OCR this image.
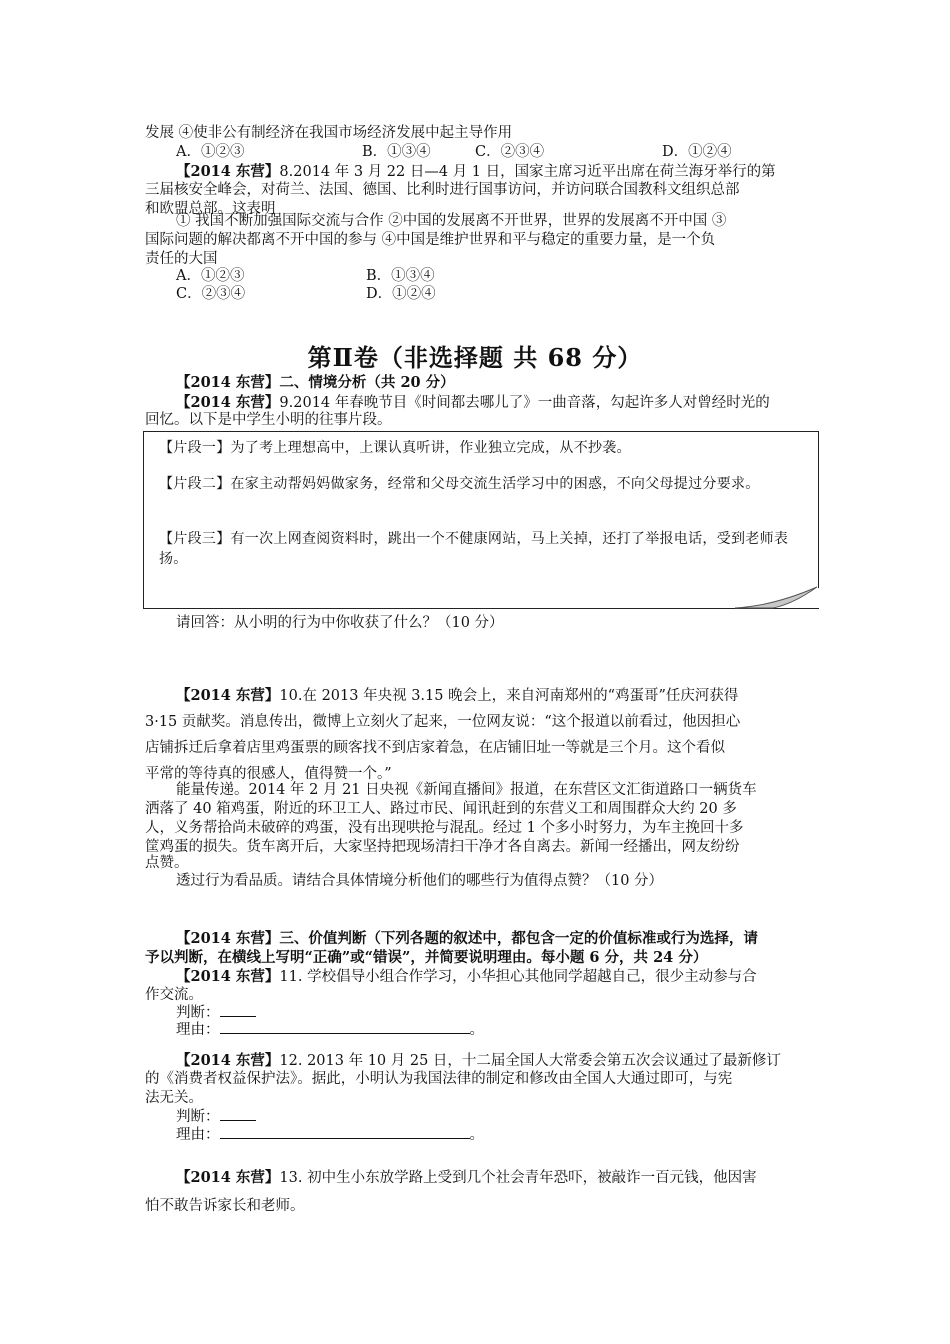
发展 ④使非公有制经济在我国市场经济发展中起主导作用
A．①②③	B．①③④	C．②③④	D．①②④
【2014 东营】8.2014 年 3 月 22 日—4 月 1 日，国家主席习近平出席在荷兰海牙举行的第
三届核安全峰会，对荷兰、法国、德国、比利时进行国事访问，并访问联合国教科文组织总部
和欧盟总部。这表明
① 我国不断加强国际交流与合作 ②中国的发展离不开世界，世界的发展离不开中国 ③
国际问题的解决都离不开中国的参与 ④中国是维护世界和平与稳定的重要力量，是一个负
责任的大国
A．①②③	B．①③④
C．②③④	D．①②④
第Ⅱ卷（非选择题 共 68 分）
【2014 东营】二、情境分析（共 20 分）
【2014 东营】9.2014 年春晚节目《时间都去哪儿了》一曲音落，勾起许多人对曾经时光的
回忆。以下是中学生小明的往事片段。
【片段一】为了考上理想高中，上课认真听讲，作业独立完成，从不抄袭。
【片段二】在家主动帮妈妈做家务，经常和父母交流生活学习中的困惑，不向父母提过分要求。
【片段三】有一次上网查阅资料时，跳出一个不健康网站，马上关掉，还打了举报电话，受到老师表扬。
请回答：从小明的行为中你收获了什么？（10 分）
【2014 东营】10.在 2013 年央视 3.15 晚会上，来自河南郑州的“鸡蛋哥”任庆河获得
3·15 贡献奖。消息传出，微博上立刻火了起来，一位网友说：“这个报道以前看过，他因担心
店铺拆迁后拿着店里鸡蛋票的顾客找不到店家着急，在店铺旧址一等就是三个月。这个看似
平常的等待真的很感人，值得赞一个。”
能量传递。2014 年 2 月 21 日央视《新闻直播间》报道，在东营区文汇街道路口一辆货车
洒落了 40 箱鸡蛋，附近的环卫工人、路过市民、闻讯赶到的东营义工和周围群众大约 20 多
人，义务帮拾尚未破碎的鸡蛋，没有出现哄抢与混乱。经过 1 个多小时努力，为车主挽回十多
筐鸡蛋的损失。货车离开后，大家坚持把现场清扫干净才各自离去。新闻一经播出，网友纷纷
点赞。
透过行为看品质。请结合具体情境分析他们的哪些行为值得点赞？（10 分）
【2014 东营】三、价值判断（下列各题的叙述中，都包含一定的价值标准或行为选择，请
予以判断，在横线上写明“正确”或“错误”，并简要说明理由。每小题 6 分，共 24 分）
【2014 东营】11. 学校倡导小组合作学习，小华担心其他同学超越自己，很少主动参与合
作交流。
判断：
理由：	。
【2014 东营】12. 2013 年 10 月 25 日，十二届全国人大常委会第五次会议通过了最新修订
的《消费者权益保护法》。据此，小明认为我国法律的制定和修改由全国人大通过即可，与宪
法无关。
判断：
理由：	。
【2014 东营】13. 初中生小东放学路上受到几个社会青年恐吓，被敲诈一百元钱，他因害
怕不敢告诉家长和老师。
